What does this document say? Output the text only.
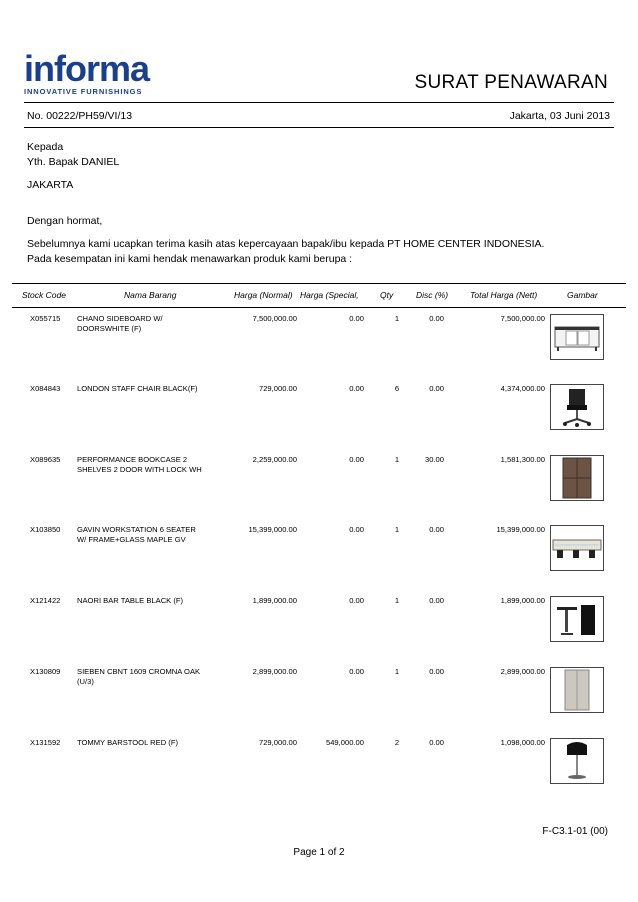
informa
INNOVATIVE FURNISHINGS	SURAT PENAWARAN
No. 00222/PH59/VI/13	Jakarta, 03 Juni 2013
Kepada
Yth. Bapak DANIEL
JAKARTA
Dengan hormat,
Sebelumnya kami ucapkan terima kasih atas kepercayaan bapak/ibu kepada PT HOME CENTER INDONESIA.
Pada kesempatan ini kami hendak menawarkan produk kami berupa :
Stock Code	Nama Barang	Harga (Normal) Harga (Special,	Qty	Disc (%)	Total Harga (Nett)	Gambar
X055715 CHANO SIDEBOARD W/
DOORSWHITE (F)
7,500,000.00	0.00	1	0.00	7,500,000.00
X084843 LONDON STAFF CHAIR BLACK(F)	729,000.00	0.00	6	0.00	4,374,000.00
X089635 PERFORMANCE BOOKCASE 2
SHELVES 2 DOOR WITH LOCK WH
2,259,000.00	0.00	1	30.00	1,581,300.00
X103850 GAVIN WORKSTATION 6 SEATER
W/ FRAME+GLASS MAPLE GV
15,399,000.00	0.00	1	0.00	15,399,000.00
X121422 NAORI BAR TABLE BLACK (F)	1,899,000.00	0.00	1	0.00	1,899,000.00
X130809 SIEBEN CBNT 1609 CROMNA OAK
(U/3)
2,899,000.00	0.00	1	0.00	2,899,000.00
X131592 TOMMY BARSTOOL RED (F)	729,000.00	549,000.00	2	0.00	1,098,000.00
F-C3.1-01 (00)
Page 1 of 2
